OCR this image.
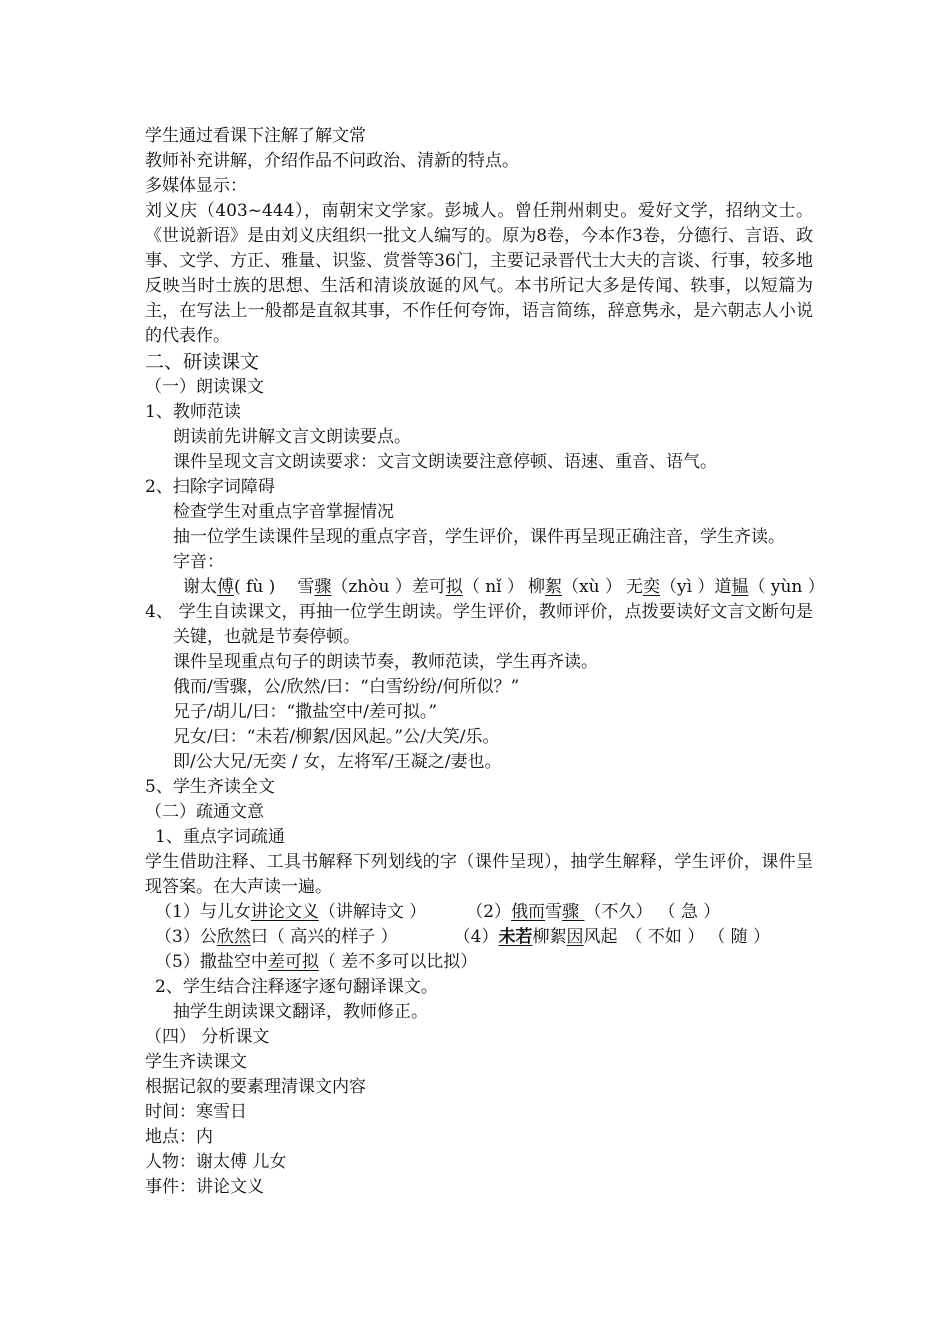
学生通过看课下注解了解文常
教师补充讲解，介绍作品不问政治、清新的特点。
多媒体显示：
刘义庆（403~444），南朝宋文学家。彭城人。曾任荆州刺史。爱好文学，招纳文士。《世说新语》是由刘义庆组织一批文人编写的。原为8卷，今本作3卷，分德行、言语、政事、文学、方正、雅量、识鉴、赏誉等36门，主要记录晋代士大夫的言谈、行事，较多地反映当时士族的思想、生活和清谈放诞的风气。本书所记大多是传闻、轶事，以短篇为主，在写法上一般都是直叙其事，不作任何夸饰，语言简练，辞意隽永，是六朝志人小说的代表作。
二、研读课文
（一）朗读课文
1、教师范读
朗读前先讲解文言文朗读要点。
课件呈现文言文朗读要求：文言文朗读要注意停顿、语速、重音、语气。
2、扫除字词障碍
检查学生对重点字音掌握情况
抽一位学生读课件呈现的重点字音，学生评价，课件再呈现正确注音，学生齐读。
字音：
谢太傅( fù ) 雪骤（zhòu ）差可拟（ nǐ ） 柳絮（xù ） 无奕（yì ）道韫（ yùn ）
4、 学生自读课文，再抽一位学生朗读。学生评价，教师评价，点拨要读好文言文断句是关键，也就是节奏停顿。
课件呈现重点句子的朗读节奏，教师范读，学生再齐读。
俄而/雪骤，公/欣然/曰：“白雪纷纷/何所似？”
兄子/胡儿/曰：“撒盐空中/差可拟。”
兄女/曰：“未若/柳絮/因风起。”公/大笑/乐。
即/公大兄/无奕 / 女，左将军/王凝之/妻也。
5、学生齐读全文
（二）疏通文意
1、重点字词疏通
学生借助注释、工具书解释下列划线的字（课件呈现），抽学生解释，学生评价，课件呈现答案。在大声读一遍。
（1）与儿女讲论文义（讲解诗文 ） （2）俄而雪骤 （不久） （ 急 ）
（3）公欣然曰（ 高兴的样子 ）	（4）未若柳絮因风起 （ 不如 ） （ 随 ）
（5）撒盐空中差可拟（ 差不多可以比拟）
2、学生结合注释逐字逐句翻译课文。
抽学生朗读课文翻译，教师修正。
（四） 分析课文
学生齐读课文
根据记叙的要素理清课文内容
时间：寒雪日
地点：内
人物：谢太傅 儿女
事件：讲论文义
